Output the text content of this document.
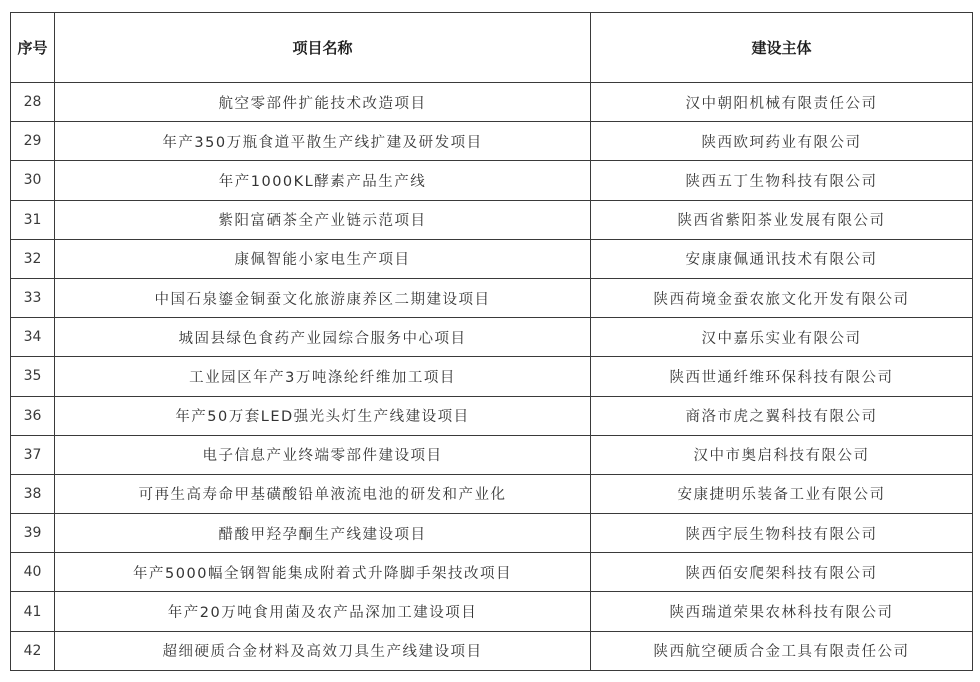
序号	项目名称	建设主体
28	航空零部件扩能技术改造项目	汉中朝阳机械有限责任公司
29	年产350万瓶食道平散生产线扩建及研发项目	陕西欧珂药业有限公司
30	年产1000KL酵素产品生产线	陕西五丁生物科技有限公司
31	紫阳富硒茶全产业链示范项目	陕西省紫阳茶业发展有限公司
32	康佩智能小家电生产项目	安康康佩通讯技术有限公司
33	中国石泉鎏金铜蚕文化旅游康养区二期建设项目	陕西荷境金蚕农旅文化开发有限公司
34	城固县绿色食药产业园综合服务中心项目	汉中嘉乐实业有限公司
35	工业园区年产3万吨涤纶纤维加工项目	陕西世通纤维环保科技有限公司
36	年产50万套LED强光头灯生产线建设项目	商洛市虎之翼科技有限公司
37	电子信息产业终端零部件建设项目	汉中市奥启科技有限公司
38	可再生高寿命甲基磺酸铅单液流电池的研发和产业化	安康捷明乐装备工业有限公司
39	醋酸甲羟孕酮生产线建设项目	陕西宇辰生物科技有限公司
40	年产5000幅全钢智能集成附着式升降脚手架技改项目	陕西佰安爬架科技有限公司
41	年产20万吨食用菌及农产品深加工建设项目	陕西瑞道荣果农林科技有限公司
42	超细硬质合金材料及高效刀具生产线建设项目	陕西航空硬质合金工具有限责任公司
